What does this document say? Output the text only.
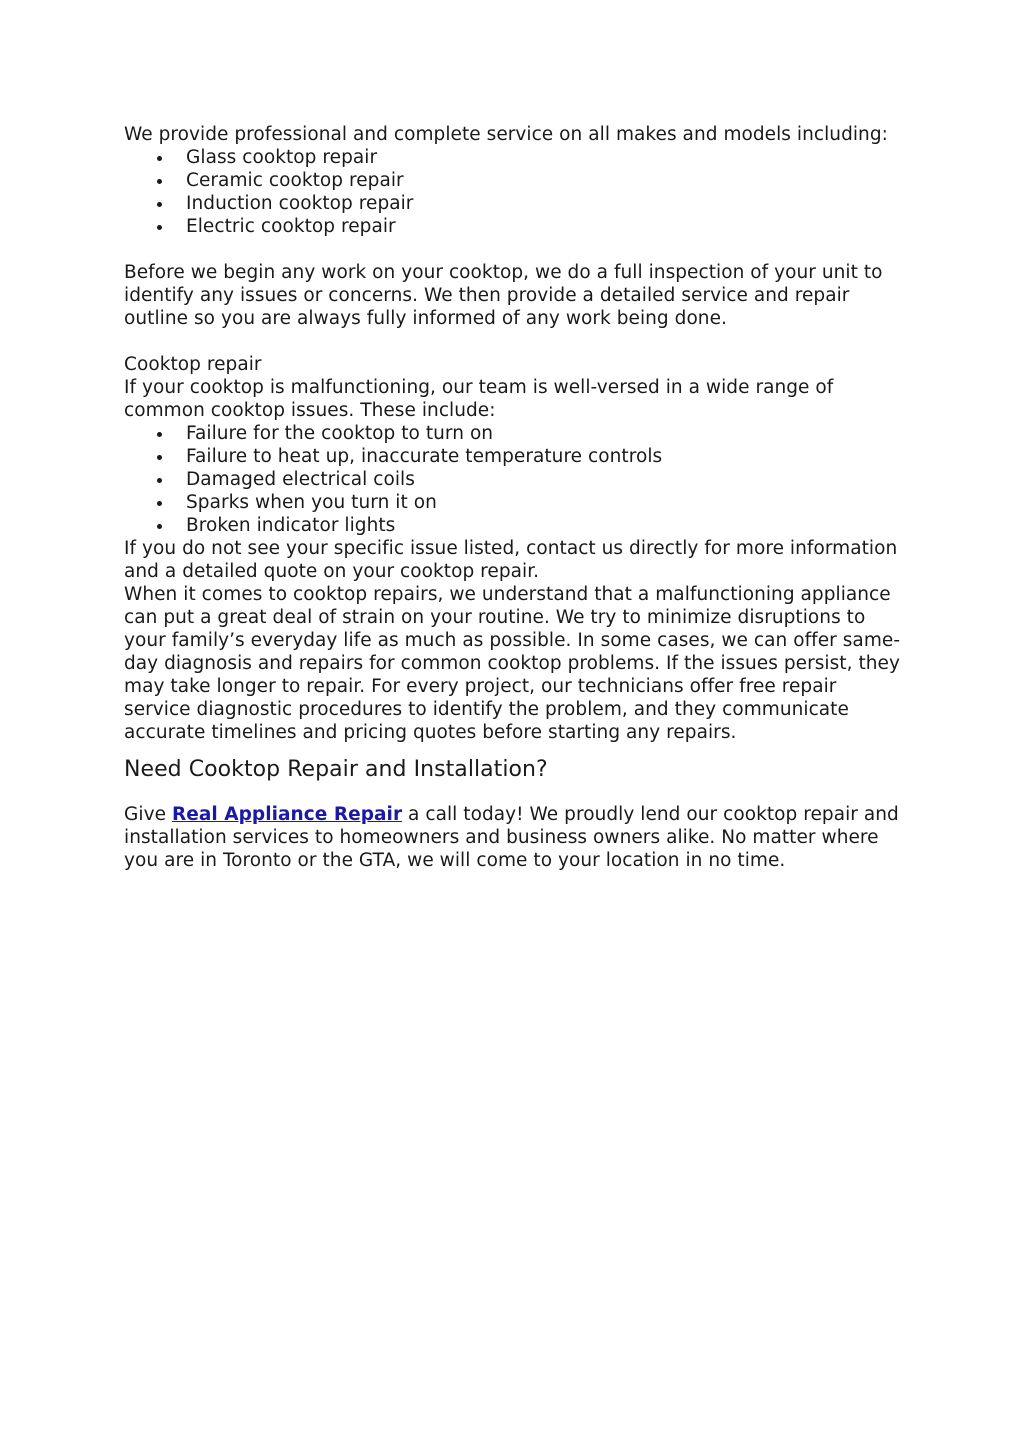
We provide professional and complete service on all makes and models including:

Glass cooktop repair
Ceramic cooktop repair
Induction cooktop repair
Electric cooktop repair

Before we begin any work on your cooktop, we do a full inspection of your unit to identify any issues or concerns. We then provide a detailed service and repair outline so you are always fully informed of any work being done.

Cooktop repair

If your cooktop is malfunctioning, our team is well-versed in a wide range of common cooktop issues. These include:

Failure for the cooktop to turn on
Failure to heat up, inaccurate temperature controls
Damaged electrical coils
Sparks when you turn it on
Broken indicator lights

If you do not see your specific issue listed, contact us directly for more information and a detailed quote on your cooktop repair.

When it comes to cooktop repairs, we understand that a malfunctioning appliance can put a great deal of strain on your routine. We try to minimize disruptions to your family’s everyday life as much as possible. In some cases, we can offer same-day diagnosis and repairs for common cooktop problems. If the issues persist, they may take longer to repair. For every project, our technicians offer free repair service diagnostic procedures to identify the problem, and they communicate accurate timelines and pricing quotes before starting any repairs.

Need Cooktop Repair and Installation?

Give Real Appliance Repair a call today! We proudly lend our cooktop repair and installation services to homeowners and business owners alike. No matter where you are in Toronto or the GTA, we will come to your location in no time.
